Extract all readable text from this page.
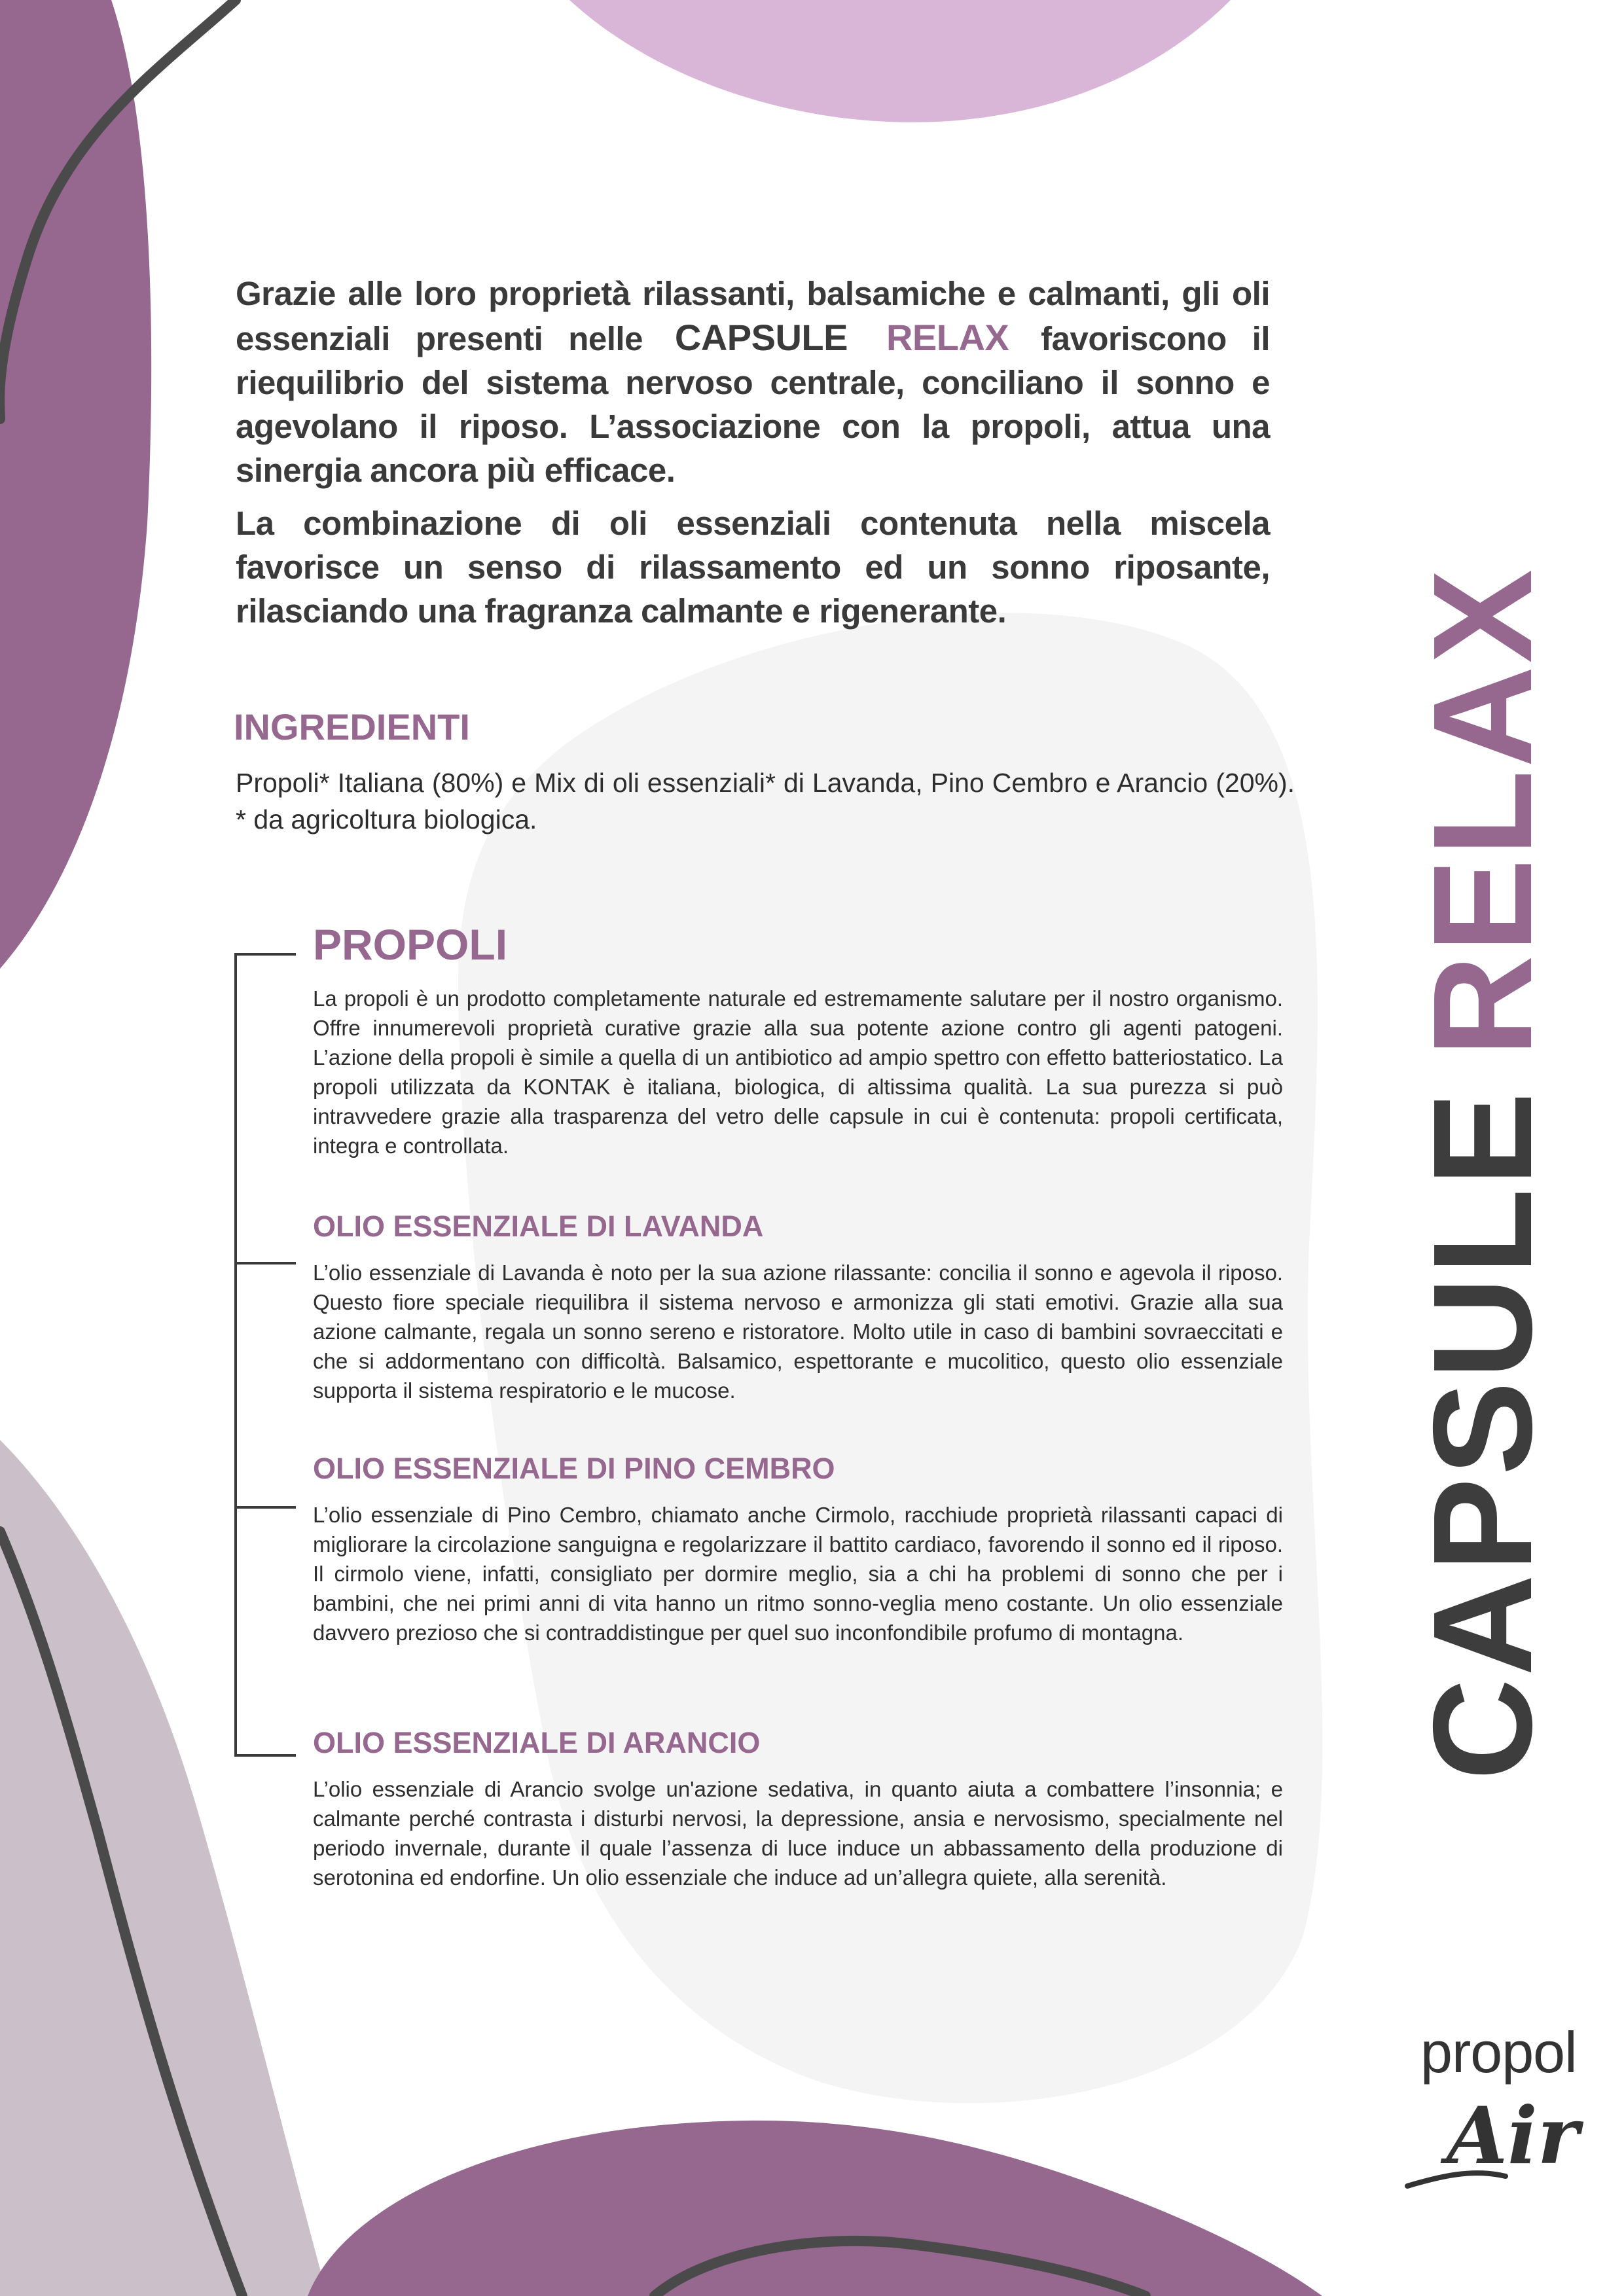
Grazie alle loro proprietà rilassanti, balsamiche e calmanti, gli oli essenziali presenti nelle CAPSULE RELAX favoriscono il riequilibrio del sistema nervoso centrale, conciliano il sonno e agevolano il riposo. L’associazione con la propoli, attua una sinergia ancora più efficace.

La combinazione di oli essenziali contenuta nella miscela favorisce un senso di rilassamento ed un sonno riposante, rilasciando una fragranza calmante e rigenerante.

INGREDIENTI

Propoli* Italiana (80%) e Mix di oli essenziali* di Lavanda, Pino Cembro e Arancio (20%). * da agricoltura biologica.

PROPOLI

La propoli è un prodotto completamente naturale ed estremamente salutare per il nostro organismo. Offre innumerevoli proprietà curative grazie alla sua potente azione contro gli agenti patogeni. L’azione della propoli è simile a quella di un antibiotico ad ampio spettro con effetto batteriostatico. La propoli utilizzata da KONTAK è italiana, biologica, di altissima qualità. La sua purezza si può intravvedere grazie alla trasparenza del vetro delle capsule in cui è contenuta: propoli certificata, integra e controllata.

OLIO ESSENZIALE DI LAVANDA

L’olio essenziale di Lavanda è noto per la sua azione rilassante: concilia il sonno e agevola il riposo. Questo fiore speciale riequilibra il sistema nervoso e armonizza gli stati emotivi. Grazie alla sua azione calmante, regala un sonno sereno e ristoratore. Molto utile in caso di bambini sovraeccitati e che si addormentano con difficoltà. Balsamico, espettorante e mucolitico, questo olio essenziale supporta il sistema respiratorio e le mucose.

OLIO ESSENZIALE DI PINO CEMBRO

L’olio essenziale di Pino Cembro, chiamato anche Cirmolo, racchiude proprietà rilassanti capaci di migliorare la circolazione sanguigna e regolarizzare il battito cardiaco, favorendo il sonno ed il riposo. Il cirmolo viene, infatti, consigliato per dormire meglio, sia a chi ha problemi di sonno che per i bambini, che nei primi anni di vita hanno un ritmo sonno-veglia meno costante. Un olio essenziale davvero prezioso che si contraddistingue per quel suo inconfondibile profumo di montagna.

OLIO ESSENZIALE DI ARANCIO

L’olio essenziale di Arancio svolge un'azione sedativa, in quanto aiuta a combattere l’insonnia; e calmante perché contrasta i disturbi nervosi, la depressione, ansia e nervosismo, specialmente nel periodo invernale, durante il quale l’assenza di luce induce un abbassamento della produzione di serotonina ed endorfine. Un olio essenziale che induce ad un’allegra quiete, alla serenità.

CAPSULERELAX
propol
Air
